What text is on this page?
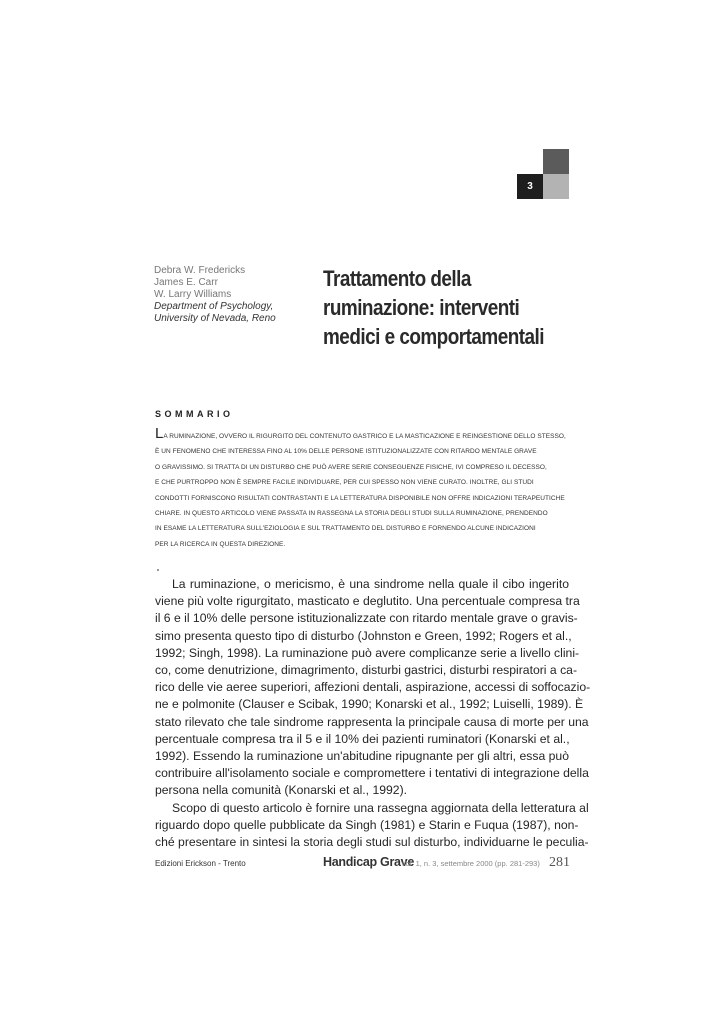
3
Debra W. Fredericks
James E. Carr
W. Larry Williams
Department of Psychology,
University of Nevada, Reno
Trattamento della
ruminazione: interventi
medici e comportamentali
SOMMARIO
LA RUMINAZIONE, OVVERO IL RIGURGITO DEL CONTENUTO GASTRICO E LA MASTICAZIONE E REINGESTIONE DELLO STESSO,
È UN FENOMENO CHE INTERESSA FINO AL 10% DELLE PERSONE ISTITUZIONALIZZATE CON RITARDO MENTALE GRAVE
O GRAVISSIMO. SI TRATTA DI UN DISTURBO CHE PUÒ AVERE SERIE CONSEGUENZE FISICHE, IVI COMPRESO IL DECESSO,
E CHE PURTROPPO NON È SEMPRE FACILE INDIVIDUARE, PER CUI SPESSO NON VIENE CURATO. INOLTRE, GLI STUDI
CONDOTTI FORNISCONO RISULTATI CONTRASTANTI E LA LETTERATURA DISPONIBILE NON OFFRE INDICAZIONI TERAPEUTICHE
CHIARE. IN QUESTO ARTICOLO VIENE PASSATA IN RASSEGNA LA STORIA DEGLI STUDI SULLA RUMINAZIONE, PRENDENDO
IN ESAME LA LETTERATURA SULL'EZIOLOGIA E SUL TRATTAMENTO DEL DISTURBO E FORNENDO ALCUNE INDICAZIONI
PER LA RICERCA IN QUESTA DIREZIONE.
La ruminazione, o mericismo, è una sindrome nella quale il cibo ingerito
viene più volte rigurgitato, masticato e deglutito. Una percentuale compresa tra
il 6 e il 10% delle persone istituzionalizzate con ritardo mentale grave o gravis-
simo presenta questo tipo di disturbo (Johnston e Green, 1992; Rogers et al.,
1992; Singh, 1998). La ruminazione può avere complicanze serie a livello clini-
co, come denutrizione, dimagrimento, disturbi gastrici, disturbi respiratori a ca-
rico delle vie aeree superiori, affezioni dentali, aspirazione, accessi di soffocazio-
ne e polmonite (Clauser e Scibak, 1990; Konarski et al., 1992; Luiselli, 1989). È
stato rilevato che tale sindrome rappresenta la principale causa di morte per una
percentuale compresa tra il 5 e il 10% dei pazienti ruminatori (Konarski et al.,
1992). Essendo la ruminazione un'abitudine ripugnante per gli altri, essa può
contribuire all'isolamento sociale e compromettere i tentativi di integrazione della
persona nella comunità (Konarski et al., 1992).
Scopo di questo articolo è fornire una rassegna aggiornata della letteratura al
riguardo dopo quelle pubblicate da Singh (1981) e Starin e Fuqua (1987), non-
ché presentare in sintesi la storia degli studi sul disturbo, individuarne le peculia-
Edizioni Erickson - Trento	Handicap Grave
Vol. 1, n. 3, settembre 2000 (pp. 281-293) 281
